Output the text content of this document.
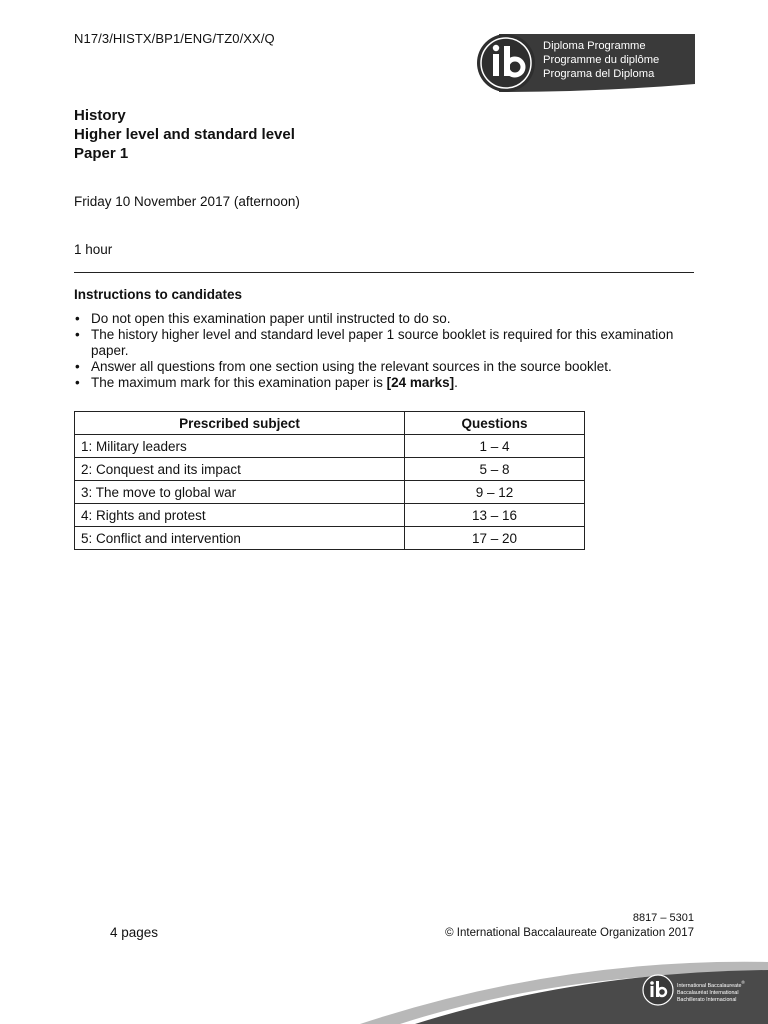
N17/3/HISTX/BP1/ENG/TZ0/XX/Q	Diploma Programme
Programme du diplôme
Programa del Diploma
History
Higher level and standard level
Paper 1
Friday 10 November 2017 (afternoon)
1 hour
Instructions to candidates
• Do not open this examination paper until instructed to do so.
• The history higher level and standard level paper 1 source booklet is required for this examination paper.
• Answer all questions from one section using the relevant sources in the source booklet.
• The maximum mark for this examination paper is [24 marks].
Prescribed subject	Questions
1: Military leaders	1 – 4
2: Conquest and its impact	5 – 8
3: The move to global war	9 – 12
4: Rights and protest	13 – 16
5: Conflict and intervention	17 – 20
4 pages
8817 – 5301
© International Baccalaureate Organization 2017
International Baccalaureate®
Baccalauréat International
Bachillerato Internacional
